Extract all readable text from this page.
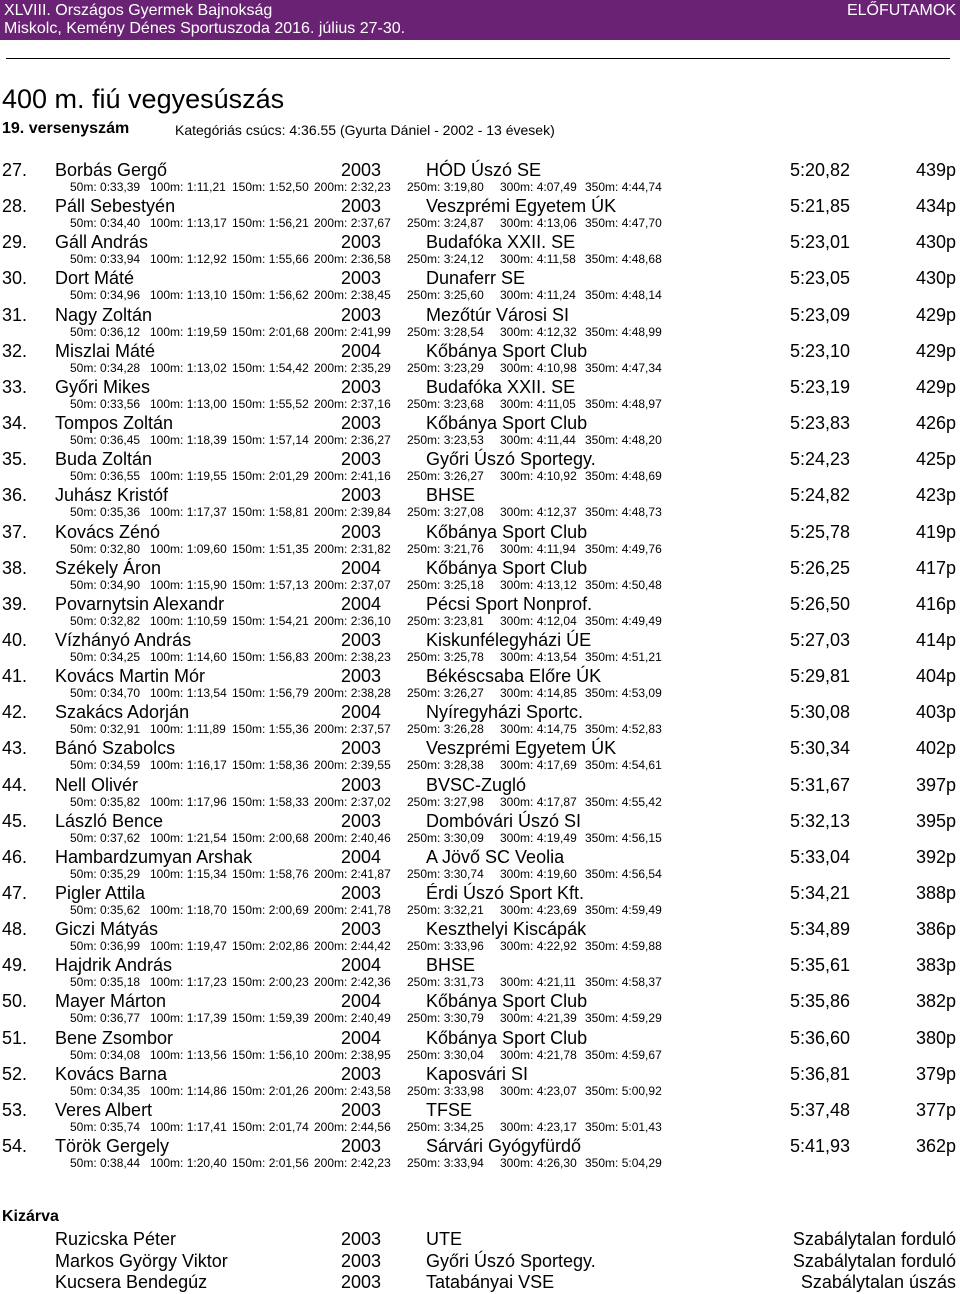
XLVIII. Országos Gyermek Bajnokság
Miskolc, Kemény Dénes Sportuszoda 2016. július 27-30.
ELŐFUTAMOK
400 m. fiú vegyesúszás
19. versenyszám	Kategóriás csúcs: 4:36.55 (Gyurta Dániel - 2002 - 13 évesek)
27. Borbás Gergő	2003 HÓD Úszó SE	5:20,82	439p
50m: 0:33,39 100m: 1:11,21 150m: 1:52,50 200m: 2:32,23 250m: 3:19,80 300m: 4:07,49 350m: 4:44,74
28. Páll Sebestyén	2003 Veszprémi Egyetem ÚK	5:21,85	434p
50m: 0:34,40 100m: 1:13,17 150m: 1:56,21 200m: 2:37,67 250m: 3:24,87 300m: 4:13,06 350m: 4:47,70
29. Gáll András	2003 Budafóka XXII. SE	5:23,01	430p
50m: 0:33,94 100m: 1:12,92 150m: 1:55,66 200m: 2:36,58 250m: 3:24,12 300m: 4:11,58 350m: 4:48,68
30. Dort Máté	2003 Dunaferr SE	5:23,05	430p
50m: 0:34,96 100m: 1:13,10 150m: 1:56,62 200m: 2:38,45 250m: 3:25,60 300m: 4:11,24 350m: 4:48,14
31. Nagy Zoltán	2003 Mezőtúr Városi SI	5:23,09	429p
50m: 0:36,12 100m: 1:19,59 150m: 2:01,68 200m: 2:41,99 250m: 3:28,54 300m: 4:12,32 350m: 4:48,99
32. Miszlai Máté	2004 Kőbánya Sport Club	5:23,10	429p
50m: 0:34,28 100m: 1:13,02 150m: 1:54,42 200m: 2:35,29 250m: 3:23,29 300m: 4:10,98 350m: 4:47,34
33. Győri Mikes	2003 Budafóka XXII. SE	5:23,19	429p
50m: 0:33,56 100m: 1:13,00 150m: 1:55,52 200m: 2:37,16 250m: 3:23,68 300m: 4:11,05 350m: 4:48,97
34. Tompos Zoltán	2003 Kőbánya Sport Club	5:23,83	426p
50m: 0:36,45 100m: 1:18,39 150m: 1:57,14 200m: 2:36,27 250m: 3:23,53 300m: 4:11,44 350m: 4:48,20
35. Buda Zoltán	2003 Győri Úszó Sportegy.	5:24,23	425p
50m: 0:36,55 100m: 1:19,55 150m: 2:01,29 200m: 2:41,16 250m: 3:26,27 300m: 4:10,92 350m: 4:48,69
36. Juhász Kristóf	2003 BHSE	5:24,82	423p
50m: 0:35,36 100m: 1:17,37 150m: 1:58,81 200m: 2:39,84 250m: 3:27,08 300m: 4:12,37 350m: 4:48,73
37. Kovács Zénó	2003 Kőbánya Sport Club	5:25,78	419p
50m: 0:32,80 100m: 1:09,60 150m: 1:51,35 200m: 2:31,82 250m: 3:21,76 300m: 4:11,94 350m: 4:49,76
38. Székely Áron	2004 Kőbánya Sport Club	5:26,25	417p
50m: 0:34,90 100m: 1:15,90 150m: 1:57,13 200m: 2:37,07 250m: 3:25,18 300m: 4:13,12 350m: 4:50,48
39. Povarnytsin Alexandr	2004 Pécsi Sport Nonprof.	5:26,50	416p
50m: 0:32,82 100m: 1:10,59 150m: 1:54,21 200m: 2:36,10 250m: 3:23,81 300m: 4:12,04 350m: 4:49,49
40. Vízhányó András	2003 Kiskunfélegyházi ÚE	5:27,03	414p
50m: 0:34,25 100m: 1:14,60 150m: 1:56,83 200m: 2:38,23 250m: 3:25,78 300m: 4:13,54 350m: 4:51,21
41. Kovács Martin Mór	2003 Békéscsaba Előre ÚK	5:29,81	404p
50m: 0:34,70 100m: 1:13,54 150m: 1:56,79 200m: 2:38,28 250m: 3:26,27 300m: 4:14,85 350m: 4:53,09
42. Szakács Adorján	2004 Nyíregyházi Sportc.	5:30,08	403p
50m: 0:32,91 100m: 1:11,89 150m: 1:55,36 200m: 2:37,57 250m: 3:26,28 300m: 4:14,75 350m: 4:52,83
43. Bánó Szabolcs	2003 Veszprémi Egyetem ÚK	5:30,34	402p
50m: 0:34,59 100m: 1:16,17 150m: 1:58,36 200m: 2:39,55 250m: 3:28,38 300m: 4:17,69 350m: 4:54,61
44. Nell Olivér	2003 BVSC-Zugló	5:31,67	397p
50m: 0:35,82 100m: 1:17,96 150m: 1:58,33 200m: 2:37,02 250m: 3:27,98 300m: 4:17,87 350m: 4:55,42
45. László Bence	2003 Dombóvári Úszó SI	5:32,13	395p
50m: 0:37,62 100m: 1:21,54 150m: 2:00,68 200m: 2:40,46 250m: 3:30,09 300m: 4:19,49 350m: 4:56,15
46. Hambardzumyan Arshak	2004 A Jövő SC Veolia	5:33,04	392p
50m: 0:35,29 100m: 1:15,34 150m: 1:58,76 200m: 2:41,87 250m: 3:30,74 300m: 4:19,60 350m: 4:56,54
47. Pigler Attila	2003 Érdi Úszó Sport Kft.	5:34,21	388p
50m: 0:35,62 100m: 1:18,70 150m: 2:00,69 200m: 2:41,78 250m: 3:32,21 300m: 4:23,69 350m: 4:59,49
48. Giczi Mátyás	2003 Keszthelyi Kiscápák	5:34,89	386p
50m: 0:36,99 100m: 1:19,47 150m: 2:02,86 200m: 2:44,42 250m: 3:33,96 300m: 4:22,92 350m: 4:59,88
49. Hajdrik András	2004 BHSE	5:35,61	383p
50m: 0:35,18 100m: 1:17,23 150m: 2:00,23 200m: 2:42,36 250m: 3:31,73 300m: 4:21,11 350m: 4:58,37
50. Mayer Márton	2004 Kőbánya Sport Club	5:35,86	382p
50m: 0:36,77 100m: 1:17,39 150m: 1:59,39 200m: 2:40,49 250m: 3:30,79 300m: 4:21,39 350m: 4:59,29
51. Bene Zsombor	2004 Kőbánya Sport Club	5:36,60	380p
50m: 0:34,08 100m: 1:13,56 150m: 1:56,10 200m: 2:38,95 250m: 3:30,04 300m: 4:21,78 350m: 4:59,67
52. Kovács Barna	2003 Kaposvári SI	5:36,81	379p
50m: 0:34,35 100m: 1:14,86 150m: 2:01,26 200m: 2:43,58 250m: 3:33,98 300m: 4:23,07 350m: 5:00,92
53. Veres Albert	2003 TFSE	5:37,48	377p
50m: 0:35,74 100m: 1:17,41 150m: 2:01,74 200m: 2:44,56 250m: 3:34,25 300m: 4:23,17 350m: 5:01,43
54. Török Gergely	2003 Sárvári Gyógyfürdő	5:41,93	362p
50m: 0:38,44 100m: 1:20,40 150m: 2:01,56 200m: 2:42,23 250m: 3:33,94 300m: 4:26,30 350m: 5:04,29
Kizárva
Ruzicska Péter	2003 UTE	Szabálytalan forduló
Markos György Viktor	2003 Győri Úszó Sportegy.	Szabálytalan forduló
Kucsera Bendegúz	2003 Tatabányai VSE	Szabálytalan úszás
